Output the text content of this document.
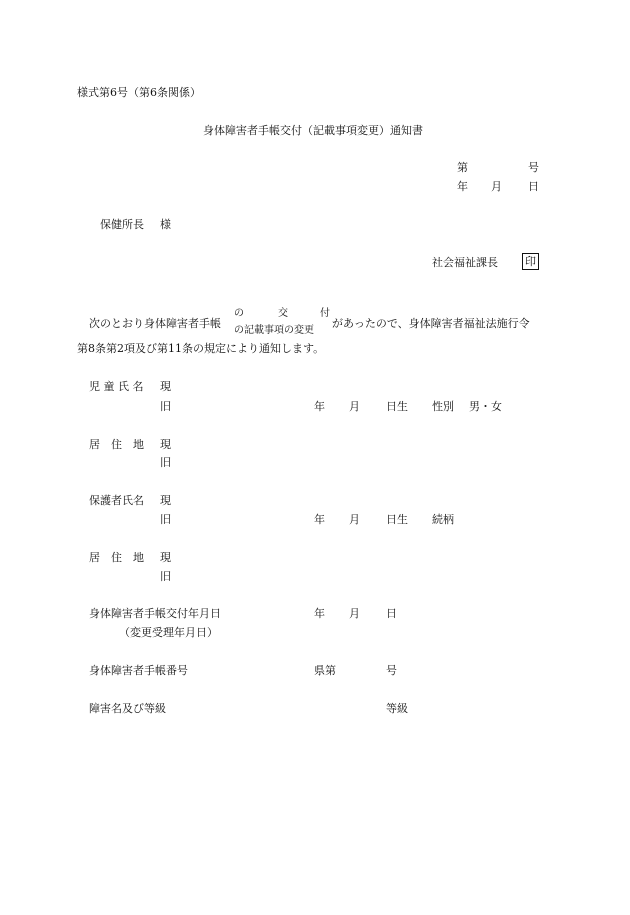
様式第6号（第6条関係）
身体障害者手帳交付（記載事項変更）通知書
第	号
年 月 日
保健所長 様
社会福祉課長 印
次のとおり身体障害者手帳
の	交	付
の記載事項の変更
があったので、身体障害者福祉法施行令
第8条第2項及び第11条の規定により通知します。
児 童 氏 名 現
旧	年 月 日生 性別 男・女
居　住　地 現
旧
保護者氏名 現
旧	年 月 日生 続柄
居　住　地 現
旧
身体障害者手帳交付年月日	年 月 日
（変更受理年月日）
身体障害者手帳番号	県第	号
障害名及び等級	等級
